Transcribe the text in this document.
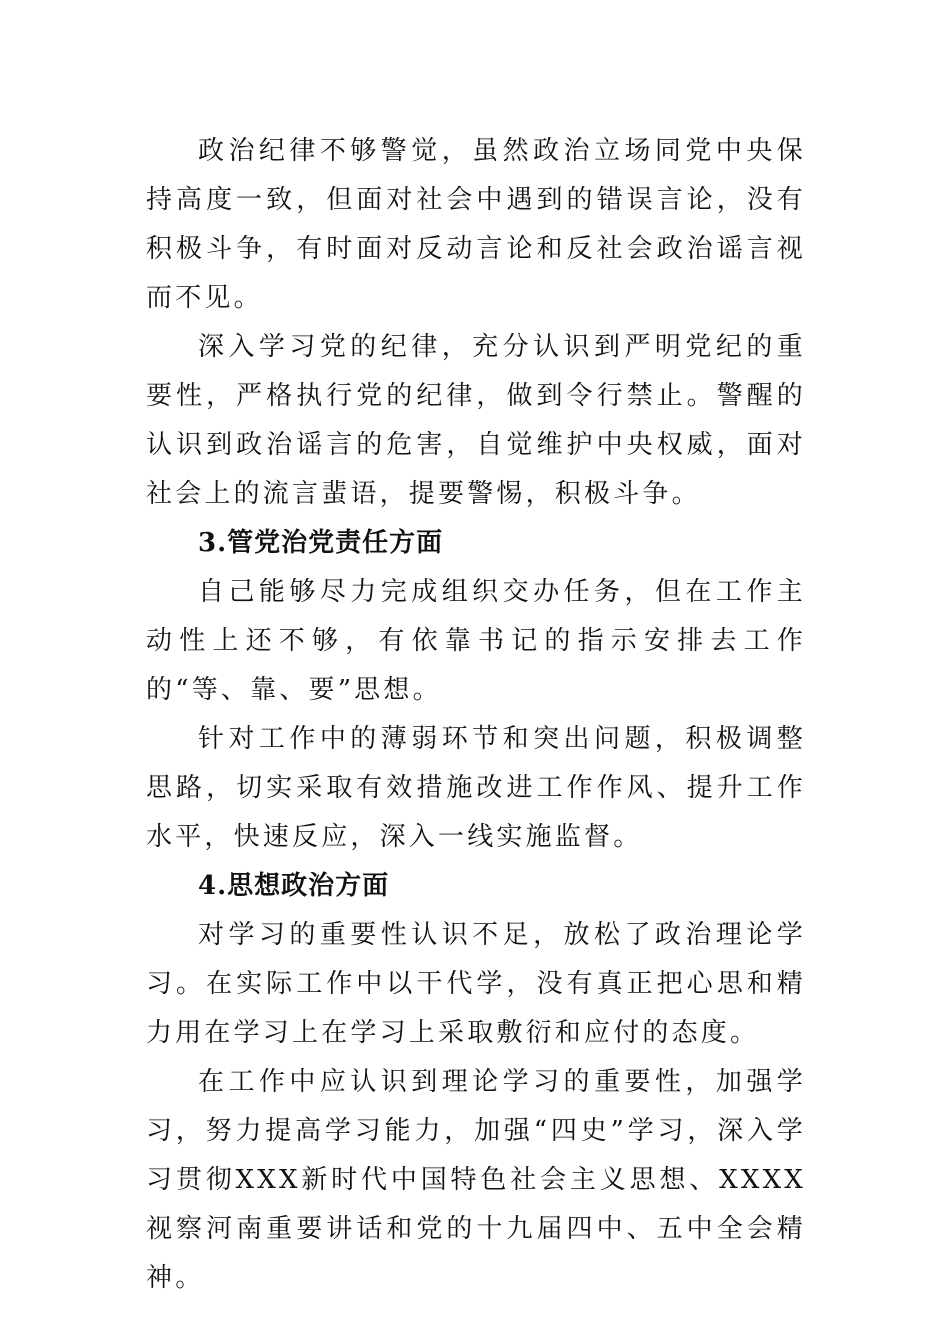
政治纪律不够警觉，虽然政治立场同党中央保持高度一致，但面对社会中遇到的错误言论，没有积极斗争，有时面对反动言论和反社会政治谣言视而不见。

深入学习党的纪律，充分认识到严明党纪的重要性，严格执行党的纪律，做到令行禁止。警醒的认识到政治谣言的危害，自觉维护中央权威，面对社会上的流言蜚语，提要警惕，积极斗争。

3.管党治党责任方面

自己能够尽力完成组织交办任务，但在工作主动性上还不够，有依靠书记的指示安排去工作的“等、靠、要”思想。

针对工作中的薄弱环节和突出问题，积极调整思路，切实采取有效措施改进工作作风、提升工作水平，快速反应，深入一线实施监督。

4.思想政治方面

对学习的重要性认识不足，放松了政治理论学习。在实际工作中以干代学，没有真正把心思和精力用在学习上在学习上采取敷衍和应付的态度。

在工作中应认识到理论学习的重要性，加强学习，努力提高学习能力，加强“四史”学习，深入学习贯彻XXX新时代中国特色社会主义思想、XXXX视察河南重要讲话和党的十九届四中、五中全会精神。
